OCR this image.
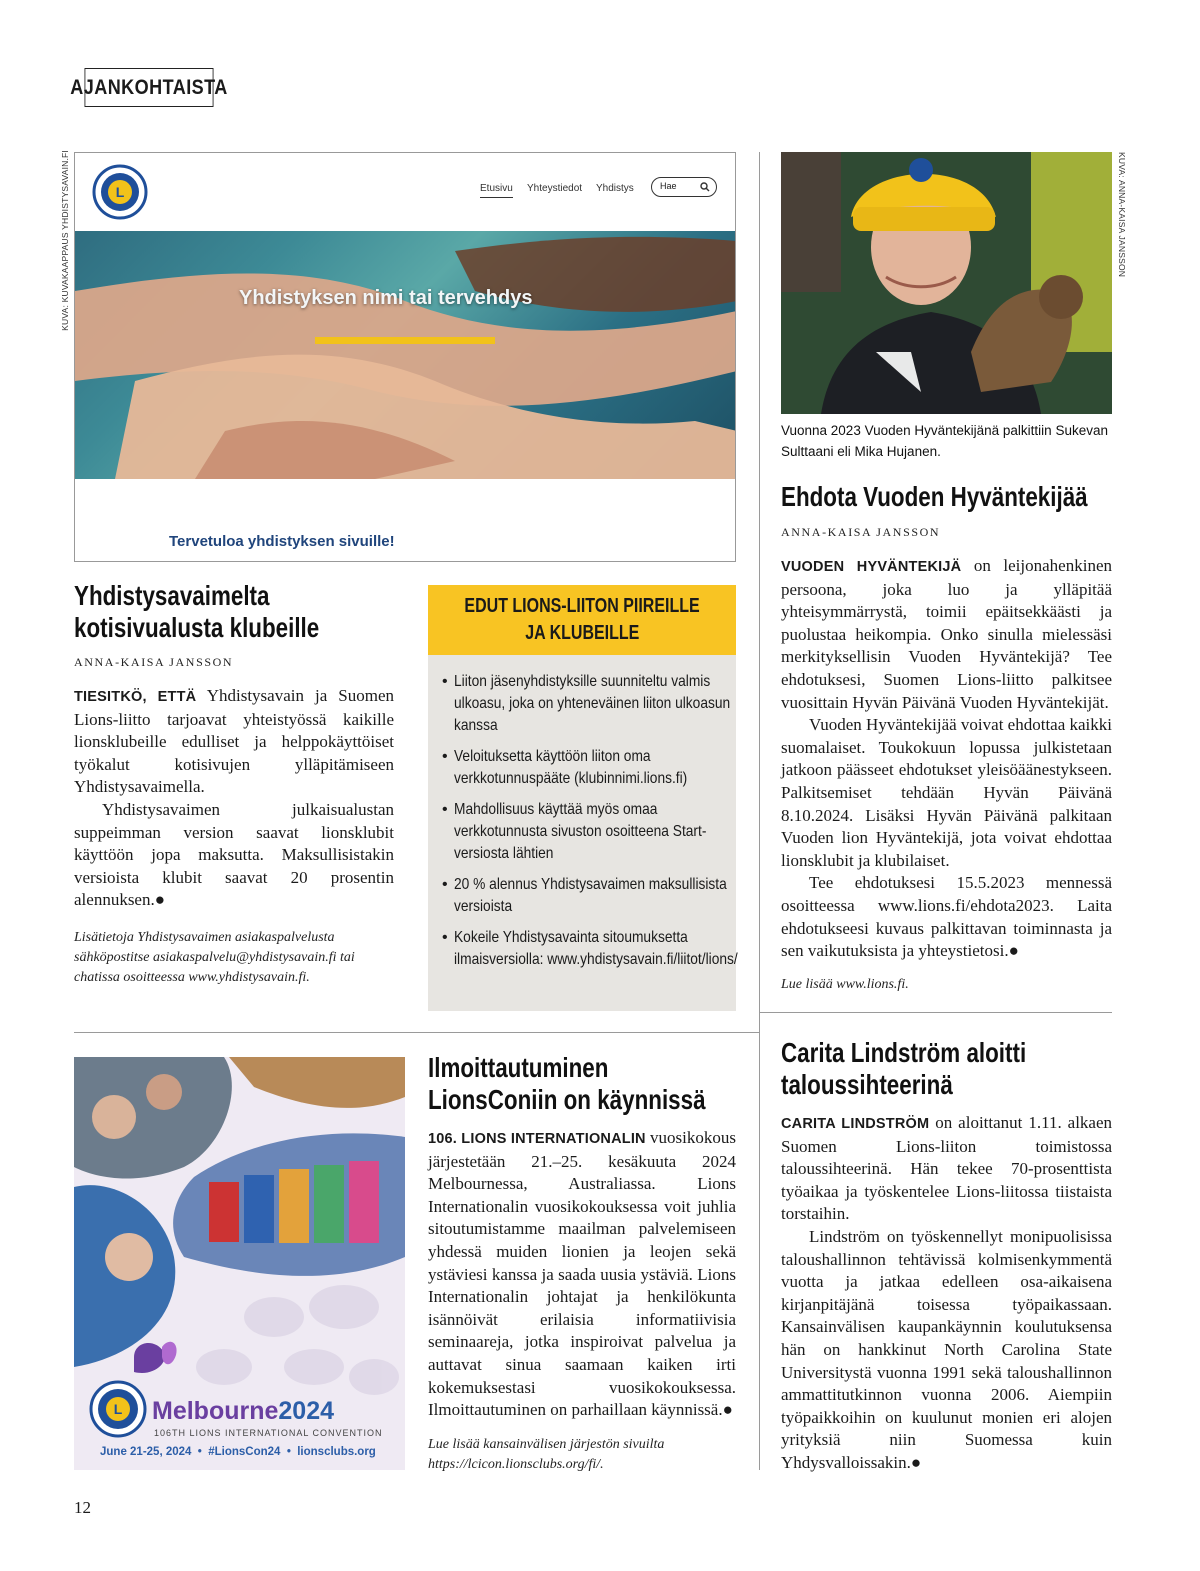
AJANKOHTAISTA
KUVA: KUVAKAAPPAUS YHDISTYSAVAIN.FI	KUVA: ANNA-KAISA JANSSON
L	Etusivu Yhteystiedot Yhdistys	Hae
Yhdistyksen nimi tai tervehdys
Tervetuloa yhdistyksen sivuille!
Vuonna 2023 Vuoden Hyväntekijänä palkittiin Sukevan Sulttaani eli Mika Hujanen.
Yhdistysavaimelta
kotisivualusta klubeille
ANNA-KAISA JANSSON

TIESITKÖ, ETTÄ Yhdistysavain ja Suomen Lions-liitto tarjoavat yhteistyössä kaikille lionsklubeille edulliset ja helppokäyttöiset työkalut kotisivujen ylläpitämiseen Yhdistysavaimella.

Yhdistysavaimen julkaisualustan suppeimman version saavat lionsklubit käyttöön jopa maksutta. Maksullisistakin versioista klubit saavat 20 prosentin alennuksen.●

Lisätietoja Yhdistysavaimen asiakaspalvelusta sähköpostitse asiakaspalvelu@yhdistysavain.fi tai chatissa osoitteessa www.yhdistysavain.fi.
EDUT LIONS-LIITON PIIREILLE
JA KLUBEILLE
• Liiton jäsenyhdistyksille suunniteltu valmis ulkoasu, joka on yhteneväinen liiton ulkoasun kanssa
• Veloituksetta käyttöön liiton oma verkkotunnuspääte (klubinnimi.lions.fi)
• Mahdollisuus käyttää myös omaa verkkotunnusta sivuston osoitteena Start-versiosta lähtien
• 20 % alennus Yhdistysavaimen maksullisista versioista
• Kokeile Yhdistysavainta sitoumuksetta ilmaisversiolla: www.yhdistysavain.fi/liitot/lions/
Ehdota Vuoden Hyväntekijää
ANNA-KAISA JANSSON

VUODEN HYVÄNTEKIJÄ on leijonahenkinen persoona, joka luo ja ylläpitää yhteisymmärrystä, toimii epäitsekkäästi ja puolustaa heikompia. Onko sinulla mielessäsi merkityksellisin Vuoden Hyväntekijä? Tee ehdotuksesi, Suomen Lions-liitto palkitsee vuosittain Hyvän Päivänä Vuoden Hyväntekijät.

Vuoden Hyväntekijää voivat ehdottaa kaikki suomalaiset. Toukokuun lopussa julkistetaan jatkoon päässeet ehdotukset yleisöäänestykseen. Palkitsemiset tehdään Hyvän Päivänä 8.10.2024. Lisäksi Hyvän Päivänä palkitaan Vuoden lion Hyväntekijä, jota voivat ehdottaa lionsklubit ja klubilaiset.

Tee ehdotuksesi 15.5.2023 mennessä osoitteessa www.lions.fi/ehdota2023. Laita ehdotukseesi kuvaus palkittavan toiminnasta ja sen vaikutuksista ja yhteystietosi.●

Lue lisää www.lions.fi.
L Melbourne2024
106TH LIONS INTERNATIONAL CONVENTION
June 21-25, 2024  •  #LionsCon24  •  lionsclubs.org
Ilmoittautuminen
LionsConiin on käynnissä

106. LIONS INTERNATIONALIN vuosikokous järjestetään 21.–25. kesäkuuta 2024 Melbournessa, Australiassa. Lions Internationalin vuosikokouksessa voit juhlia sitoutumistamme maailman palvelemiseen yhdessä muiden lionien ja leojen sekä ystäviesi kanssa ja saada uusia ystäviä. Lions Internationalin johtajat ja henkilökunta isännöivät erilaisia informatiivisia seminaareja, jotka inspiroivat palvelua ja auttavat sinua saamaan kaiken irti kokemuksestasi vuosikokouksessa. Ilmoittautuminen on parhaillaan käynnissä.●

Lue lisää kansainvälisen järjestön sivuilta https://lcicon.lionsclubs.org/fi/.
Carita Lindström aloitti
taloussihteerinä

CARITA LINDSTRÖM on aloittanut 1.11. alkaen Suomen Lions-liiton toimistossa taloussihteerinä. Hän tekee 70-prosenttista työaikaa ja työskentelee Lions-liitossa tiistaista torstaihin.

Lindström on työskennellyt monipuolisissa taloushallinnon tehtävissä kolmisenkymmentä vuotta ja jatkaa edelleen osa-aikaisena kirjanpitäjänä toisessa työpaikassaan. Kansainvälisen kaupankäynnin koulutuksensa hän on hankkinut North Carolina State Universitystä vuonna 1991 sekä taloushallinnon ammattitutkinnon vuonna 2006. Aiempiin työpaikkoihin on kuulunut monien eri alojen yrityksiä niin Suomessa kuin Yhdysvalloissakin.●

12
